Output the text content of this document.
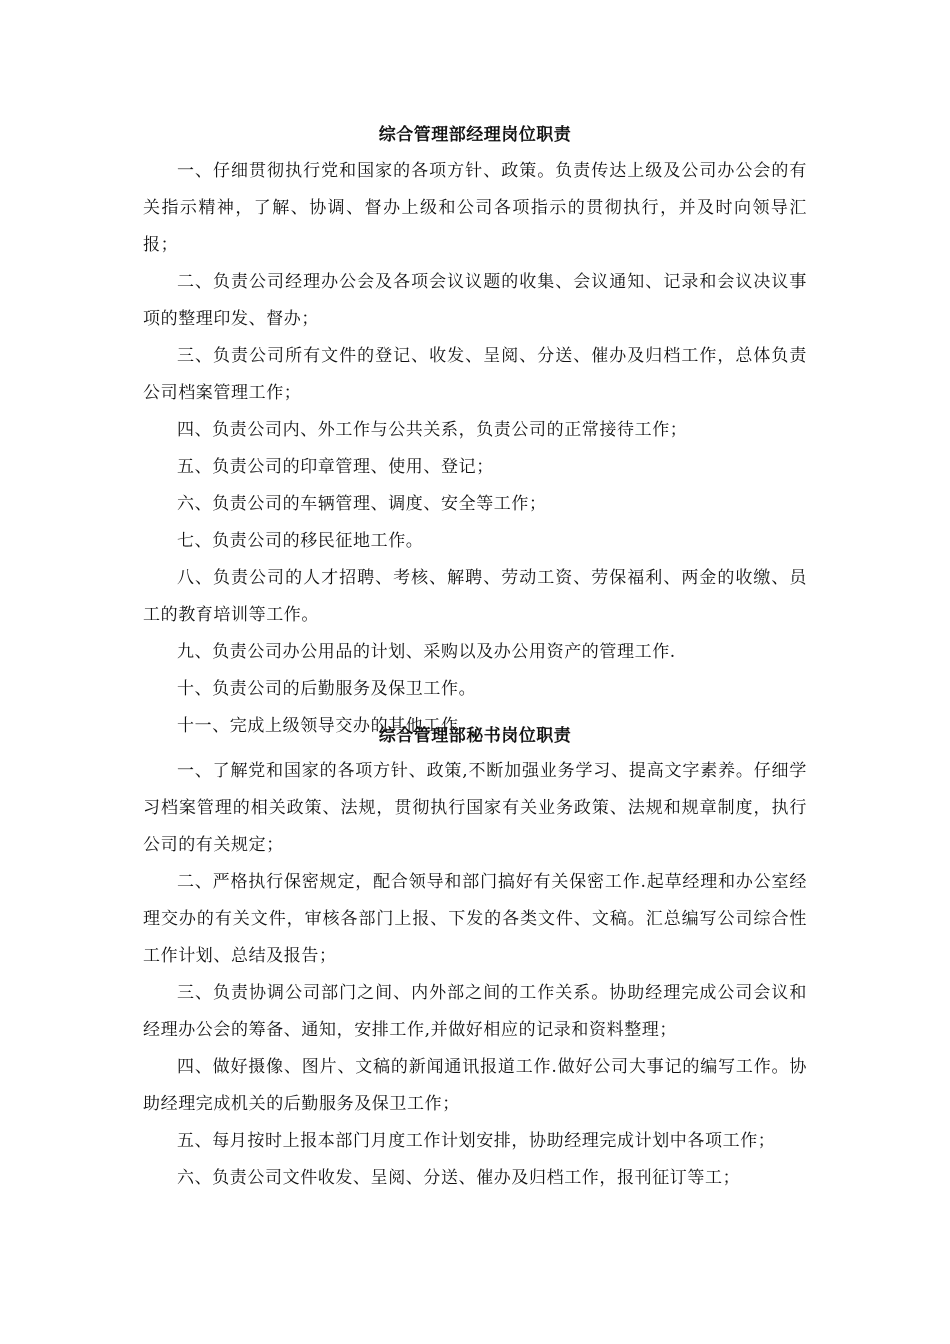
综合管理部经理岗位职责

一、仔细贯彻执行党和国家的各项方针、政策。负责传达上级及公司办公会的有关指示精神，了解、协调、督办上级和公司各项指示的贯彻执行，并及时向领导汇报；

二、负责公司经理办公会及各项会议议题的收集、会议通知、记录和会议决议事项的整理印发、督办；

三、负责公司所有文件的登记、收发、呈阅、分送、催办及归档工作，总体负责公司档案管理工作；

四、负责公司内、外工作与公共关系，负责公司的正常接待工作；

五、负责公司的印章管理、使用、登记；

六、负责公司的车辆管理、调度、安全等工作；

七、负责公司的移民征地工作。

八、负责公司的人才招聘、考核、解聘、劳动工资、劳保福利、两金的收缴、员工的教育培训等工作。

九、负责公司办公用品的计划、采购以及办公用资产的管理工作.

十、负责公司的后勤服务及保卫工作。

十一、完成上级领导交办的其他工作。

综合管理部秘书岗位职责

一、了解党和国家的各项方针、政策,不断加强业务学习、提高文字素养。仔细学习档案管理的相关政策、法规，贯彻执行国家有关业务政策、法规和规章制度，执行公司的有关规定；

二、严格执行保密规定，配合领导和部门搞好有关保密工作.起草经理和办公室经理交办的有关文件，审核各部门上报、下发的各类文件、文稿。汇总编写公司综合性工作计划、总结及报告；

三、负责协调公司部门之间、内外部之间的工作关系。协助经理完成公司会议和经理办公会的筹备、通知，安排工作,并做好相应的记录和资料整理；

四、做好摄像、图片、文稿的新闻通讯报道工作.做好公司大事记的编写工作。协助经理完成机关的后勤服务及保卫工作；

五、每月按时上报本部门月度工作计划安排，协助经理完成计划中各项工作；

六、负责公司文件收发、呈阅、分送、催办及归档工作，报刊征订等工；
